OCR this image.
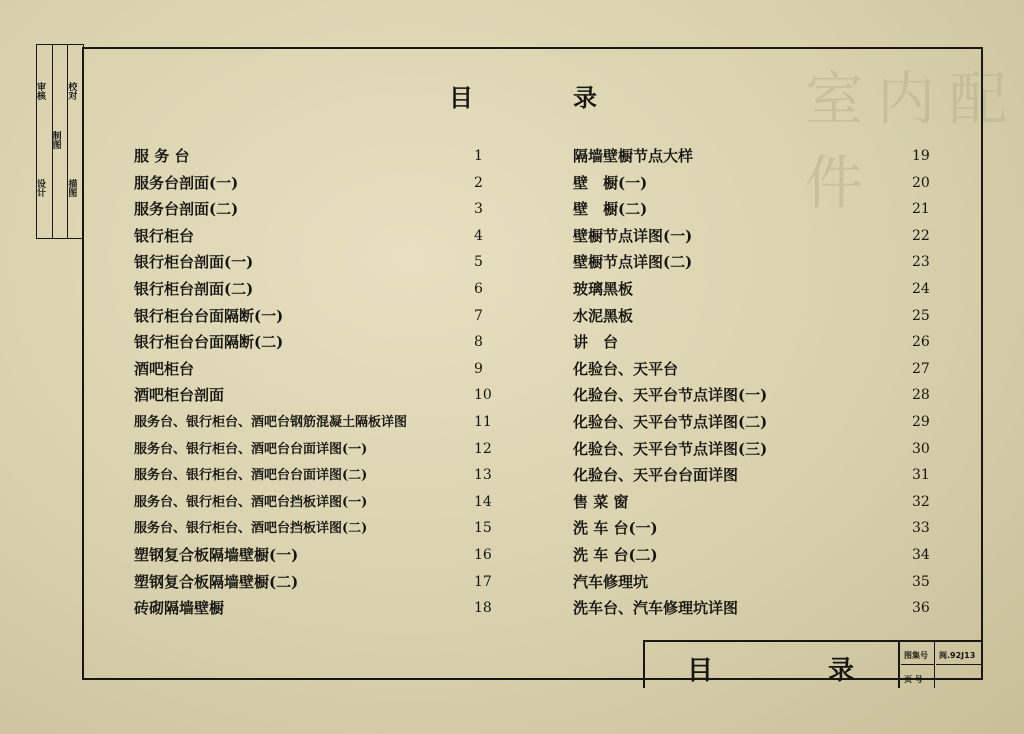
室内配件
审核
设计
制图
校对
描图
目	录
服 务 台	1
服务台剖面(一)	2
服务台剖面(二)	3
银行柜台	4
银行柜台剖面(一)	5
银行柜台剖面(二)	6
银行柜台台面隔断(一)	7
银行柜台台面隔断(二)	8
酒吧柜台	9
酒吧柜台剖面	10
服务台、银行柜台、酒吧台钢筋混凝土隔板详图	11
服务台、银行柜台、酒吧台台面详图(一)	12
服务台、银行柜台、酒吧台台面详图(二)	13
服务台、银行柜台、酒吧台挡板详图(一)	14
服务台、银行柜台、酒吧台挡板详图(二)	15
塑钢复合板隔墙壁橱(一)	16
塑钢复合板隔墙壁橱(二)	17
砖砌隔墙壁橱	18
隔墙壁橱节点大样	19
壁　橱(一)	20
壁　橱(二)	21
壁橱节点详图(一)	22
壁橱节点详图(二)	23
玻璃黑板	24
水泥黑板	25
讲　台	26
化验台、天平台	27
化验台、天平台节点详图(一)	28
化验台、天平台节点详图(二)	29
化验台、天平台节点详图(三)	30
化验台、天平台台面详图	31
售 菜 窗	32
洗 车 台(一)	33
洗 车 台(二)	34
汽车修理坑	35
洗车台、汽车修理坑详图	36
目	录
图集号	闽.92J13
页 号
